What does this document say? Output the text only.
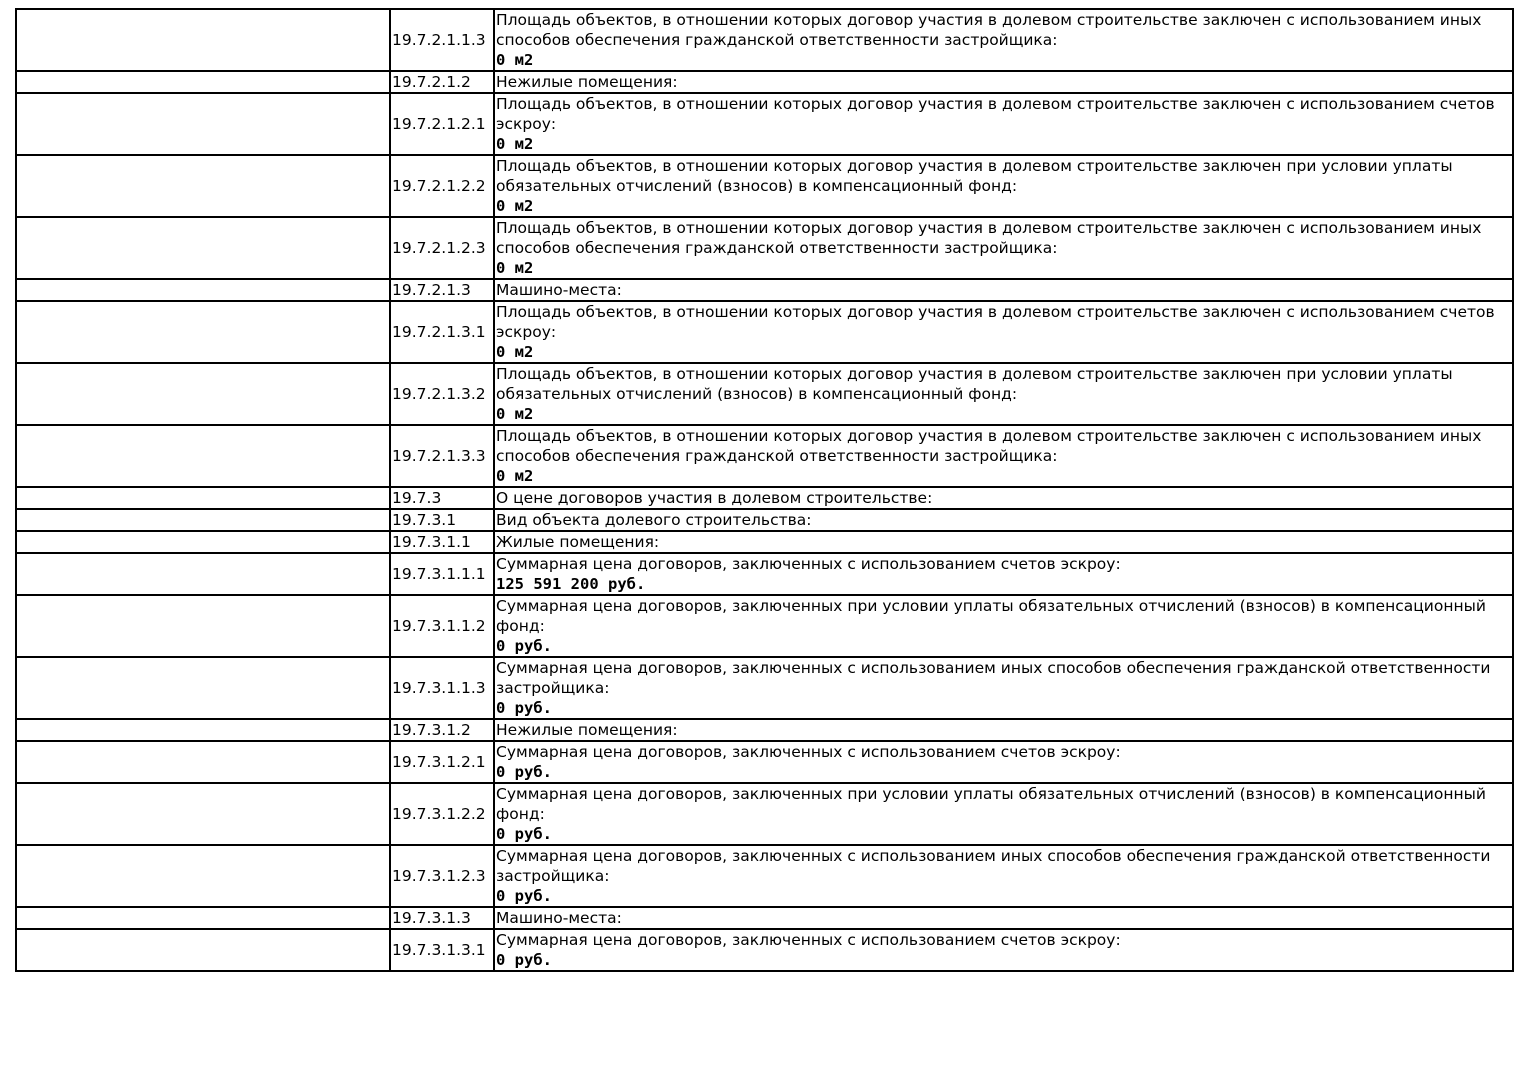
	19.7.2.1.1.3	Площадь объектов, в отношении которых договор участия в долевом строительстве заключен с использованием иных способов обеспечения гражданской ответственности застройщика:
0 м2

	19.7.2.1.2	Нежилые помещения:

	19.7.2.1.2.1	Площадь объектов, в отношении которых договор участия в долевом строительстве заключен с использованием счетов эскроу:
0 м2

	19.7.2.1.2.2	Площадь объектов, в отношении которых договор участия в долевом строительстве заключен при условии уплаты обязательных отчислений (взносов) в компенсационный фонд:
0 м2

	19.7.2.1.2.3	Площадь объектов, в отношении которых договор участия в долевом строительстве заключен с использованием иных способов обеспечения гражданской ответственности застройщика:
0 м2

	19.7.2.1.3	Машино-места:

	19.7.2.1.3.1	Площадь объектов, в отношении которых договор участия в долевом строительстве заключен с использованием счетов эскроу:
0 м2

	19.7.2.1.3.2	Площадь объектов, в отношении которых договор участия в долевом строительстве заключен при условии уплаты обязательных отчислений (взносов) в компенсационный фонд:
0 м2

	19.7.2.1.3.3	Площадь объектов, в отношении которых договор участия в долевом строительстве заключен с использованием иных способов обеспечения гражданской ответственности застройщика:
0 м2

	19.7.3	О цене договоров участия в долевом строительстве:

	19.7.3.1	Вид объекта долевого строительства:

	19.7.3.1.1	Жилые помещения:

	19.7.3.1.1.1	Суммарная цена договоров, заключенных с использованием счетов эскроу:
125 591 200 руб.

	19.7.3.1.1.2	Суммарная цена договоров, заключенных при условии уплаты обязательных отчислений (взносов) в компенсационный фонд:
0 руб.

	19.7.3.1.1.3	Суммарная цена договоров, заключенных с использованием иных способов обеспечения гражданской ответственности застройщика:
0 руб.

	19.7.3.1.2	Нежилые помещения:

	19.7.3.1.2.1	Суммарная цена договоров, заключенных с использованием счетов эскроу:
0 руб.

	19.7.3.1.2.2	Суммарная цена договоров, заключенных при условии уплаты обязательных отчислений (взносов) в компенсационный фонд:
0 руб.

	19.7.3.1.2.3	Суммарная цена договоров, заключенных с использованием иных способов обеспечения гражданской ответственности застройщика:
0 руб.

	19.7.3.1.3	Машино-места:

	19.7.3.1.3.1	Суммарная цена договоров, заключенных с использованием счетов эскроу:
0 руб.
